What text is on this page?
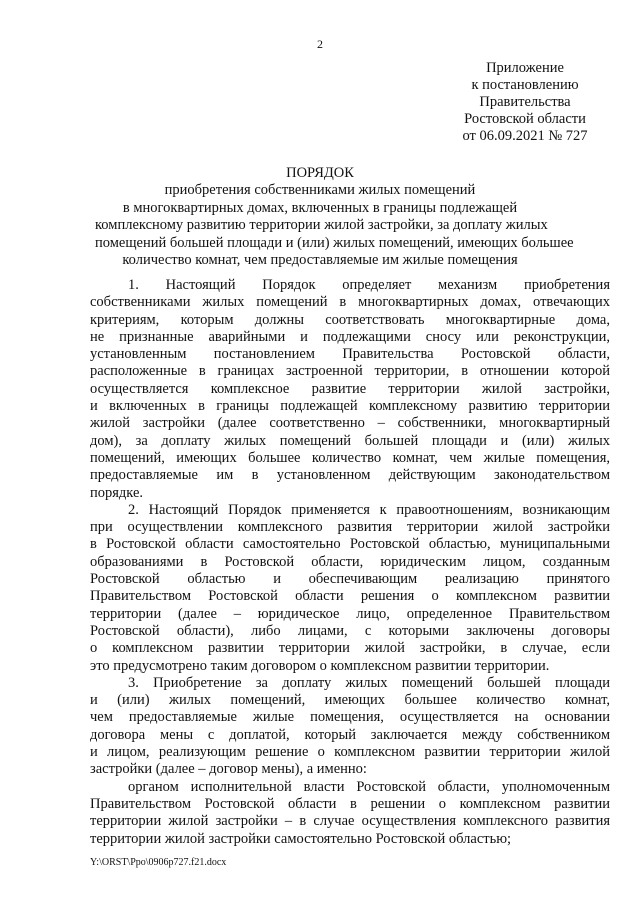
2
Приложение
к постановлению
Правительства
Ростовской области
от 06.09.2021 № 727
ПОРЯДОК
приобретения собственниками жилых помещений
в многоквартирных домах, включенных в границы подлежащей
комплексному развитию территории жилой застройки, за доплату жилых
помещений большей площади и (или) жилых помещений, имеющих большее
количество комнат, чем предоставляемые им жилые помещения
1. Настоящий Порядок определяет механизм приобретения
собственниками жилых помещений в многоквартирных домах, отвечающих
критериям, которым должны соответствовать многоквартирные дома,
не признанные аварийными и подлежащими сносу или реконструкции,
установленным постановлением Правительства Ростовской области,
расположенные в границах застроенной территории, в отношении которой
осуществляется комплексное развитие территории жилой застройки,
и включенных в границы подлежащей комплексному развитию территории
жилой застройки (далее соответственно – собственники, многоквартирный
дом), за доплату жилых помещений большей площади и (или) жилых
помещений, имеющих большее количество комнат, чем жилые помещения,
предоставляемые им в установленном действующим законодательством
порядке.
2. Настоящий Порядок применяется к правоотношениям, возникающим
при осуществлении комплексного развития территории жилой застройки
в Ростовской области самостоятельно Ростовской областью, муниципальными
образованиями в Ростовской области, юридическим лицом, созданным
Ростовской областью и обеспечивающим реализацию принятого
Правительством Ростовской области решения о комплексном развитии
территории (далее – юридическое лицо, определенное Правительством
Ростовской области), либо лицами, с которыми заключены договоры
о комплексном развитии территории жилой застройки, в случае, если
это предусмотрено таким договором о комплексном развитии территории.
3. Приобретение за доплату жилых помещений большей площади
и (или) жилых помещений, имеющих большее количество комнат,
чем предоставляемые жилые помещения, осуществляется на основании
договора мены с доплатой, который заключается между собственником
и лицом, реализующим решение о комплексном развитии территории жилой
застройки (далее – договор мены), а именно:
органом исполнительной власти Ростовской области, уполномоченным
Правительством Ростовской области в решении о комплексном развитии
территории жилой застройки – в случае осуществления комплексного развития
территории жилой застройки самостоятельно Ростовской областью;
Y:\ORST\Ppo\0906p727.f21.docx
